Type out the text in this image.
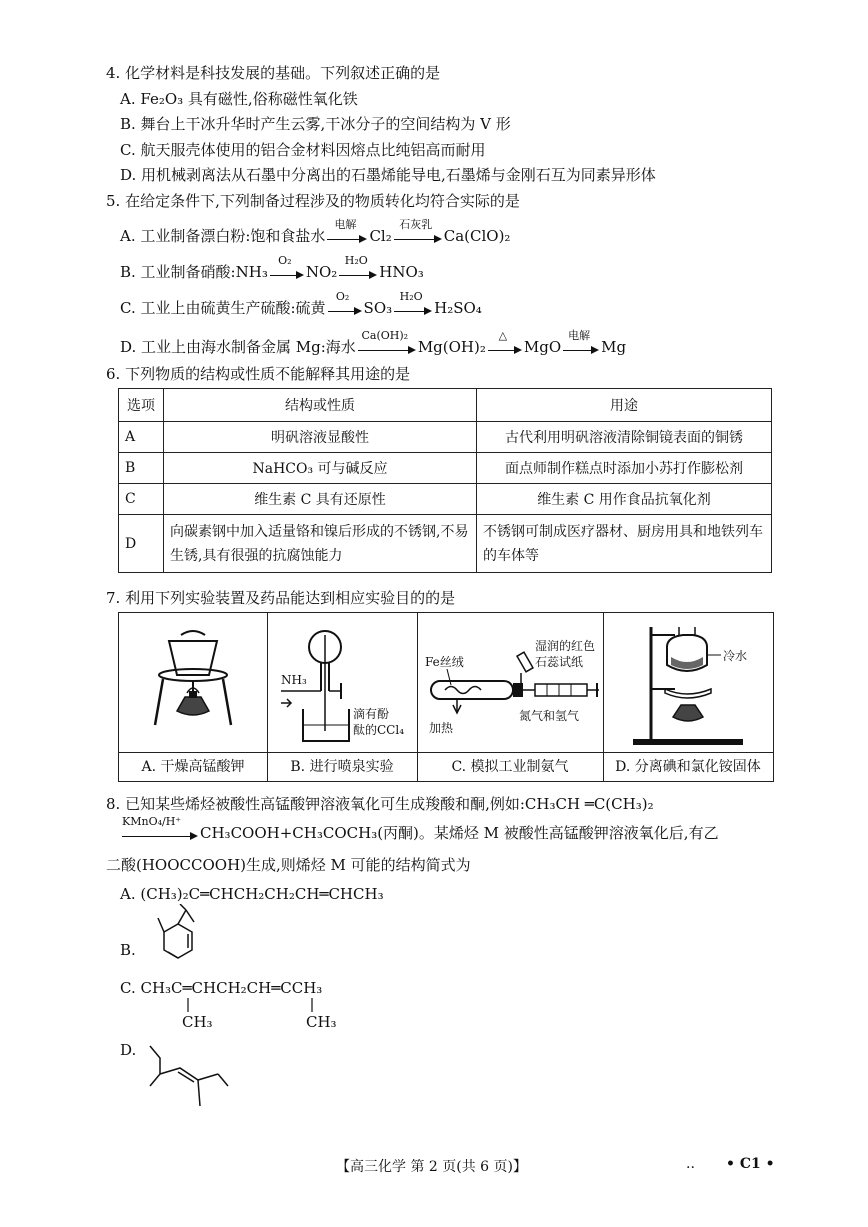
4. 化学材料是科技发展的基础。下列叙述正确的是
A. Fe₂O₃ 具有磁性,俗称磁性氧化铁
B. 舞台上干冰升华时产生云雾,干冰分子的空间结构为 V 形
C. 航天服壳体使用的铝合金材料因熔点比纯铝高而耐用
D. 用机械剥离法从石墨中分离出的石墨烯能导电,石墨烯与金刚石互为同素异形体
5. 在给定条件下,下列制备过程涉及的物质转化均符合实际的是
A. 工业制备漂白粉:饱和食盐水
电解
Cl₂
石灰乳
Ca(ClO)₂
B. 工业制备硝酸:NH₃
O₂
NO₂
H₂O
HNO₃
C. 工业上由硫黄生产硫酸:硫黄
O₂
SO₃
H₂O
H₂SO₄
D. 工业上由海水制备金属 Mg:海水
Ca(OH)₂
Mg(OH)₂
△
MgO
电解
Mg
6. 下列物质的结构或性质不能解释其用途的是
选项	结构或性质	用途
A	明矾溶液显酸性	古代利用明矾溶液清除铜镜表面的铜锈
B	NaHCO₃ 可与碱反应	面点师制作糕点时添加小苏打作膨松剂
C	维生素 C 具有还原性	维生素 C 用作食品抗氧化剂
D	向碳素钢中加入适量铬和镍后形成的不锈钢,不易生锈,具有很强的抗腐蚀能力	不锈钢可制成医疗器材、厨房用具和地铁列车的车体等
7. 利用下列实验装置及药品能达到相应实验目的的是
A. 干燥高锰酸钾
NH₃
滴有酚
酞的CCl₄
B. 进行喷泉实验
Fe丝绒
湿润的红色
石蕊试纸
加热
氮气和氢气
C. 模拟工业制氨气
冷水
D. 分离碘和氯化铵固体
8. 已知某些烯烃被酸性高锰酸钾溶液氧化可生成羧酸和酮,例如:CH₃CH ═C(CH₃)₂
KMnO₄/H⁺
CH₃COOH+CH₃COCH₃(丙酮)。某烯烃 M 被酸性高锰酸钾溶液氧化后,有乙
二酸(HOOCCOOH)生成,则烯烃 M 可能的结构简式为
A. (CH₃)₂C═CHCH₂CH₂CH═CHCH₃
B.
C. CH₃C═CHCH₂CH═CCH₃
CH₃	CH₃
D.
【高三化学 第 2 页(共 6 页)】	.. • C1 •
